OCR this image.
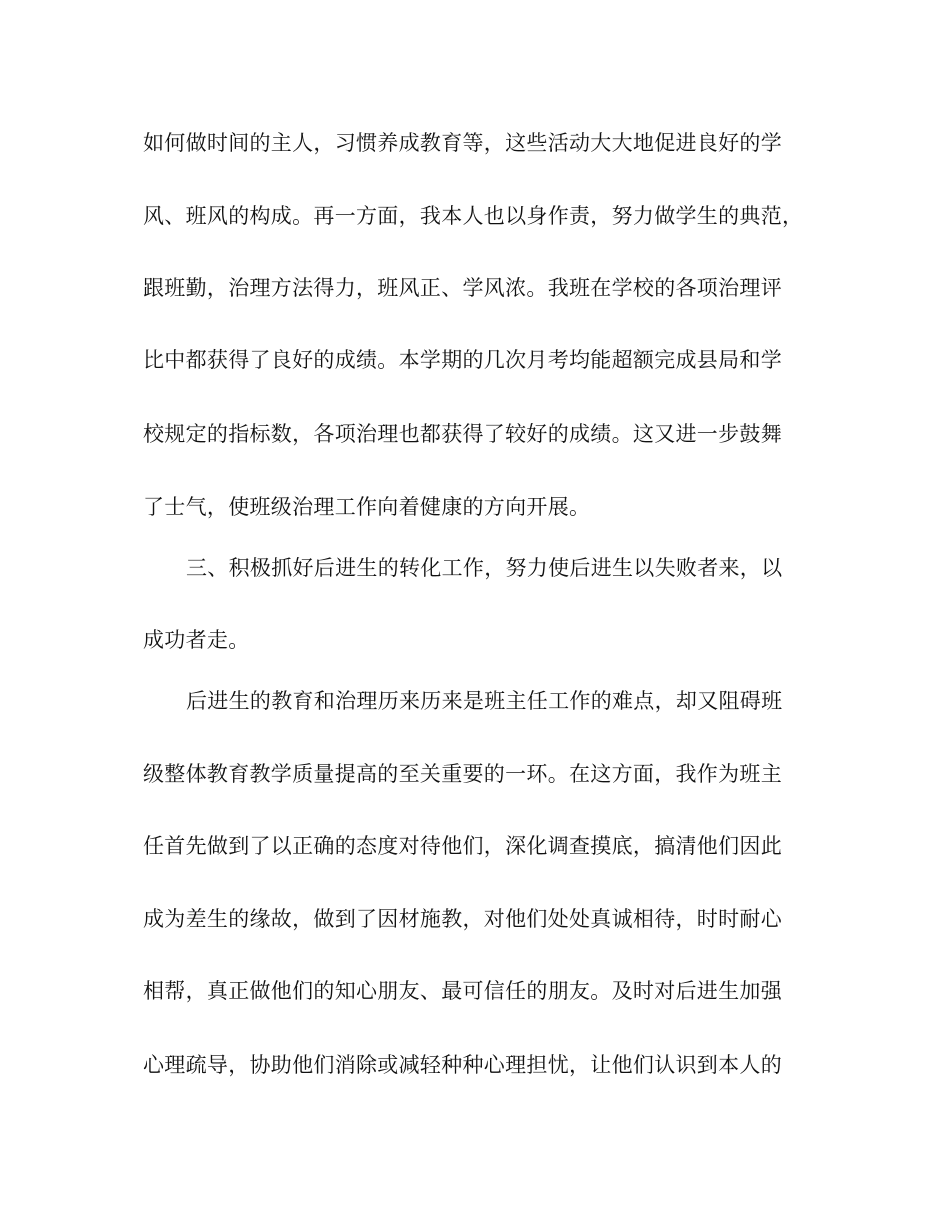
如何做时间的主人，习惯养成教育等，这些活动大大地促进良好的学

风、班风的构成。再一方面，我本人也以身作责，努力做学生的典范，

跟班勤，治理方法得力，班风正、学风浓。我班在学校的各项治理评

比中都获得了良好的成绩。本学期的几次月考均能超额完成县局和学

校规定的指标数，各项治理也都获得了较好的成绩。这又进一步鼓舞

了士气，使班级治理工作向着健康的方向开展。

三、积极抓好后进生的转化工作，努力使后进生以失败者来，以

成功者走。

后进生的教育和治理历来历来是班主任工作的难点，却又阻碍班

级整体教育教学质量提高的至关重要的一环。在这方面，我作为班主

任首先做到了以正确的态度对待他们，深化调查摸底，搞清他们因此

成为差生的缘故，做到了因材施教，对他们处处真诚相待，时时耐心

相帮，真正做他们的知心朋友、最可信任的朋友。及时对后进生加强

心理疏导，协助他们消除或减轻种种心理担忧，让他们认识到本人的
